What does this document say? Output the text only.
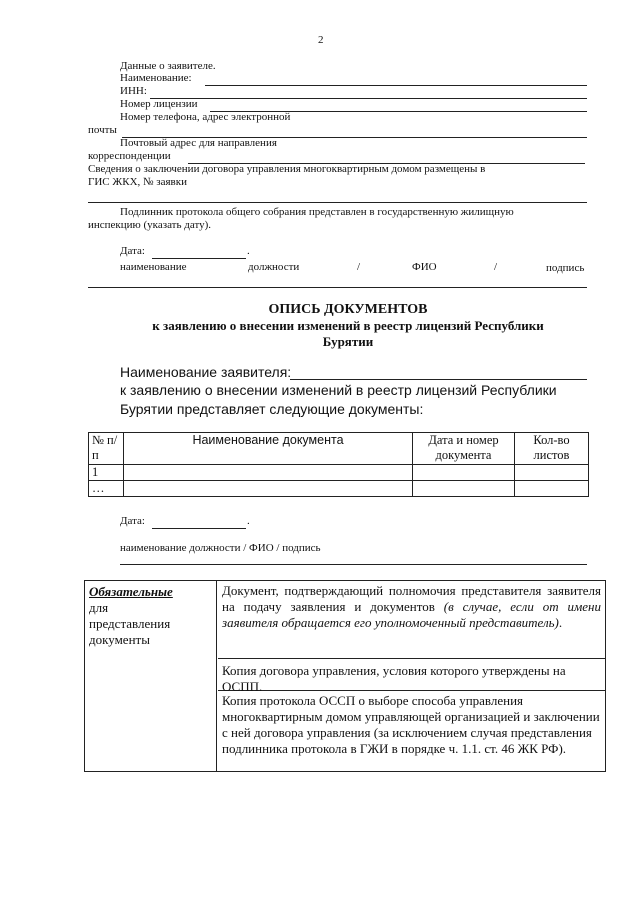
2
Данные о заявителе.
Наименование:
ИНН:
Номер лицензии
Номер телефона, адрес электронной
почты
Почтовый адрес для направления
корреспонденции
Сведения о заключении договора управления многоквартирным домом размещены в
ГИС ЖКХ, № заявки
Подлинник протокола общего собрания представлен в государственную жилищную
инспекцию (указать дату).
Дата:	.
наименование	должности	/	ФИО	/	подпись
ОПИСЬ ДОКУМЕНТОВ
к заявлению о внесении изменений в реестр лицензий Республики
Бурятии
Наименование заявителя:
к заявлению о внесении изменений в реестр лицензий Республики
Бурятии представляет следующие документы:
№ п/п	Наименование документа	Дата и номер документа	Кол-во листов
1			
…			
Дата:	.
наименование должности / ФИО / подпись
Обязательные
для
представления
документы
Документ, подтверждающий полномочия представителя заявителя на подачу заявления и документов (в случае, если от имени заявителя обращается его уполномоченный представитель).
Копия договора управления, условия которого утверждены на ОСПП.
Копия протокола ОССП о выборе способа управления многоквартирным домом управляющей организацией и заключении с ней договора управления (за исключением случая представления подлинника протокола в ГЖИ в порядке ч. 1.1. ст. 46 ЖК РФ).
